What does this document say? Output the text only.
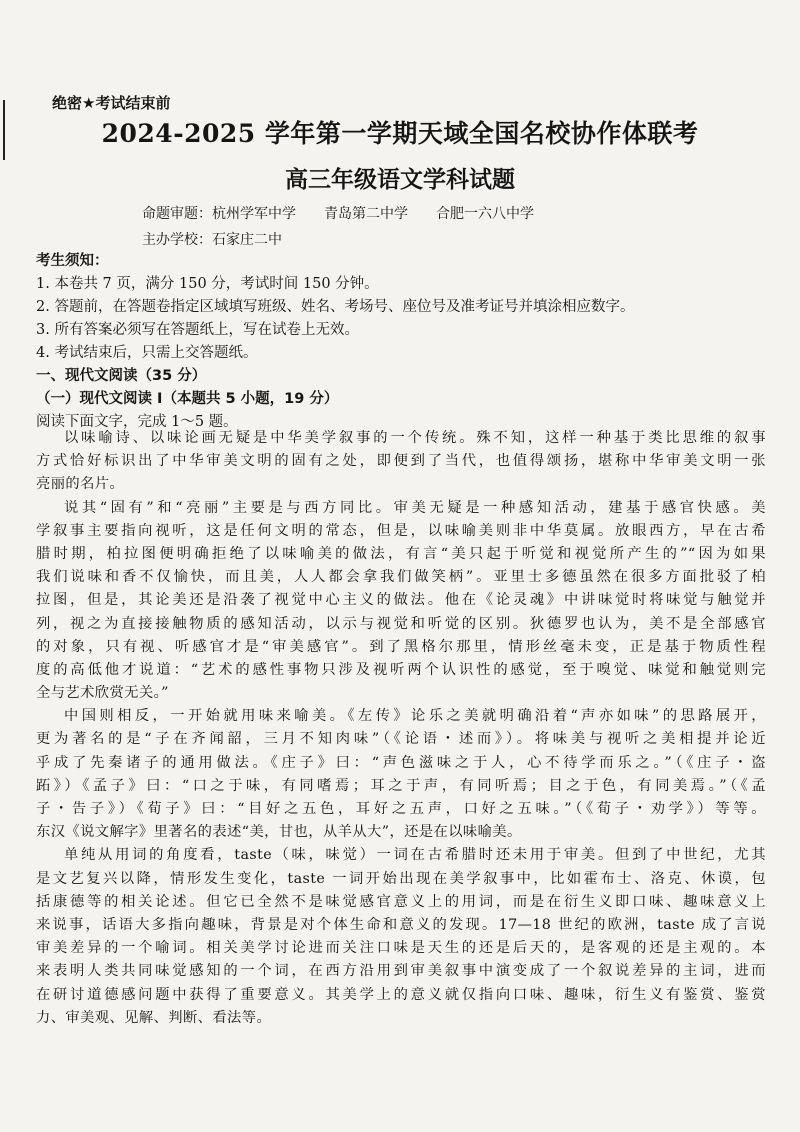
绝密★考试结束前
2024-2025 学年第一学期天域全国名校协作体联考
高三年级语文学科试题
命题审题：杭州学军中学　　青岛第二中学　　合肥一六八中学
主办学校：石家庄二中
考生须知：
1. 本卷共 7 页，满分 150 分，考试时间 150 分钟。
2. 答题前，在答题卷指定区域填写班级、姓名、考场号、座位号及准考证号并填涂相应数字。
3. 所有答案必须写在答题纸上，写在试卷上无效。
4. 考试结束后，只需上交答题纸。
一、现代文阅读（35 分）
（一）现代文阅读 I（本题共 5 小题，19 分）
阅读下面文字，完成 1～5 题。

以味喻诗、以味论画无疑是中华美学叙事的一个传统。殊不知，这样一种基于类比思维的叙事

方式恰好标识出了中华审美文明的固有之处，即便到了当代，也值得颂扬，堪称中华审美文明一张

亮丽的名片。

说其“固有”和“亮丽”主要是与西方同比。审美无疑是一种感知活动，建基于感官快感。美

学叙事主要指向视听，这是任何文明的常态，但是，以味喻美则非中华莫属。放眼西方，早在古希

腊时期，柏拉图便明确拒绝了以味喻美的做法，有言“美只起于听觉和视觉所产生的”“因为如果

我们说味和香不仅愉快，而且美，人人都会拿我们做笑柄”。亚里士多德虽然在很多方面批驳了柏

拉图，但是，其论美还是沿袭了视觉中心主义的做法。他在《论灵魂》中讲味觉时将味觉与触觉并

列，视之为直接接触物质的感知活动，以示与视觉和听觉的区别。狄德罗也认为，美不是全部感官

的对象，只有视、听感官才是“审美感官”。到了黑格尔那里，情形丝毫未变，正是基于物质性程

度的高低他才说道：“艺术的感性事物只涉及视听两个认识性的感觉，至于嗅觉、味觉和触觉则完

全与艺术欣赏无关。”

中国则相反，一开始就用味来喻美。《左传》论乐之美就明确沿着“声亦如味”的思路展开，

更为著名的是“子在齐闻韶，三月不知肉味”（《论语・述而》）。将味美与视听之美相提并论近

乎成了先秦诸子的通用做法。《庄子》曰：“声色滋味之于人，心不待学而乐之。”（《庄子・盗

跖》）《孟子》曰：“口之于味，有同嗜焉；耳之于声，有同听焉；目之于色，有同美焉。”（《孟

子・告子》）《荀子》曰：“目好之五色，耳好之五声，口好之五味。”（《荀子・劝学》）等等。

东汉《说文解字》里著名的表述“美，甘也，从羊从大”，还是在以味喻美。

单纯从用词的角度看，taste（味，味觉）一词在古希腊时还未用于审美。但到了中世纪，尤其

是文艺复兴以降，情形发生变化，taste 一词开始出现在美学叙事中，比如霍布士、洛克、休谟，包

括康德等的相关论述。但它已全然不是味觉感官意义上的用词，而是在衍生义即口味、趣味意义上

来说事，话语大多指向趣味，背景是对个体生命和意义的发现。17—18 世纪的欧洲，taste 成了言说

审美差异的一个喻词。相关美学讨论进而关注口味是天生的还是后天的，是客观的还是主观的。本

来表明人类共同味觉感知的一个词，在西方沿用到审美叙事中演变成了一个叙说差异的主词，进而

在研讨道德感问题中获得了重要意义。其美学上的意义就仅指向口味、趣味，衍生义有鉴赏、鉴赏

力、审美观、见解、判断、看法等。
